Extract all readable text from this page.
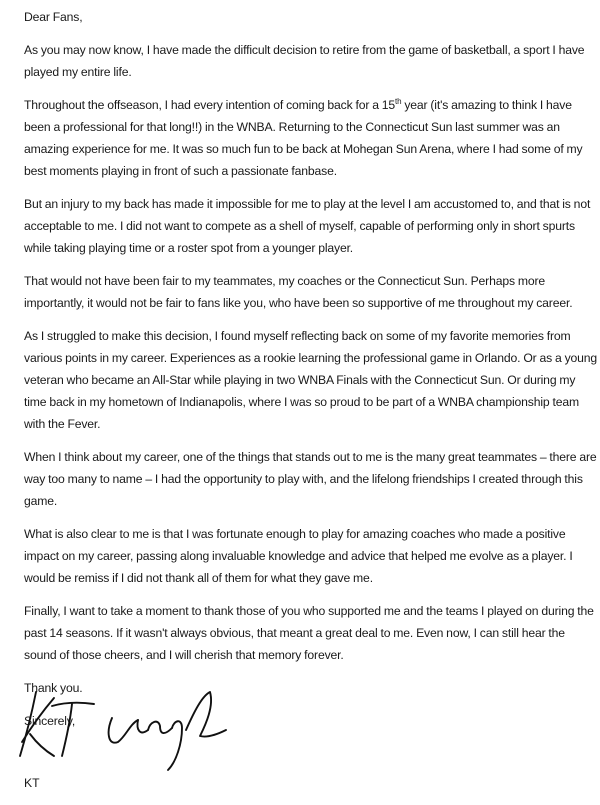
Dear Fans,

As you may now know, I have made the difficult decision to retire from the game of basketball, a sport I have played my entire life.

Throughout the offseason, I had every intention of coming back for a 15th year (it's amazing to think I have been a professional for that long!!) in the WNBA. Returning to the Connecticut Sun last summer was an amazing experience for me. It was so much fun to be back at Mohegan Sun Arena, where I had some of my best moments playing in front of such a passionate fanbase.

But an injury to my back has made it impossible for me to play at the level I am accustomed to, and that is not acceptable to me. I did not want to compete as a shell of myself, capable of performing only in short spurts while taking playing time or a roster spot from a younger player.

That would not have been fair to my teammates, my coaches or the Connecticut Sun. Perhaps more importantly, it would not be fair to fans like you, who have been so supportive of me throughout my career.

As I struggled to make this decision, I found myself reflecting back on some of my favorite memories from various points in my career. Experiences as a rookie learning the professional game in Orlando. Or as a young veteran who became an All-Star while playing in two WNBA Finals with the Connecticut Sun. Or during my time back in my hometown of Indianapolis, where I was so proud to be part of a WNBA championship team with the Fever.

When I think about my career, one of the things that stands out to me is the many great teammates – there are way too many to name – I had the opportunity to play with, and the lifelong friendships I created through this game.

What is also clear to me is that I was fortunate enough to play for amazing coaches who made a positive impact on my career, passing along invaluable knowledge and advice that helped me evolve as a player. I would be remiss if I did not thank all of them for what they gave me.

Finally, I want to take a moment to thank those of you who supported me and the teams I played on during the past 14 seasons. If it wasn't always obvious, that meant a great deal to me. Even now, I can still hear the sound of those cheers, and I will cherish that memory forever.

Thank you.

Sincerely,

KT
